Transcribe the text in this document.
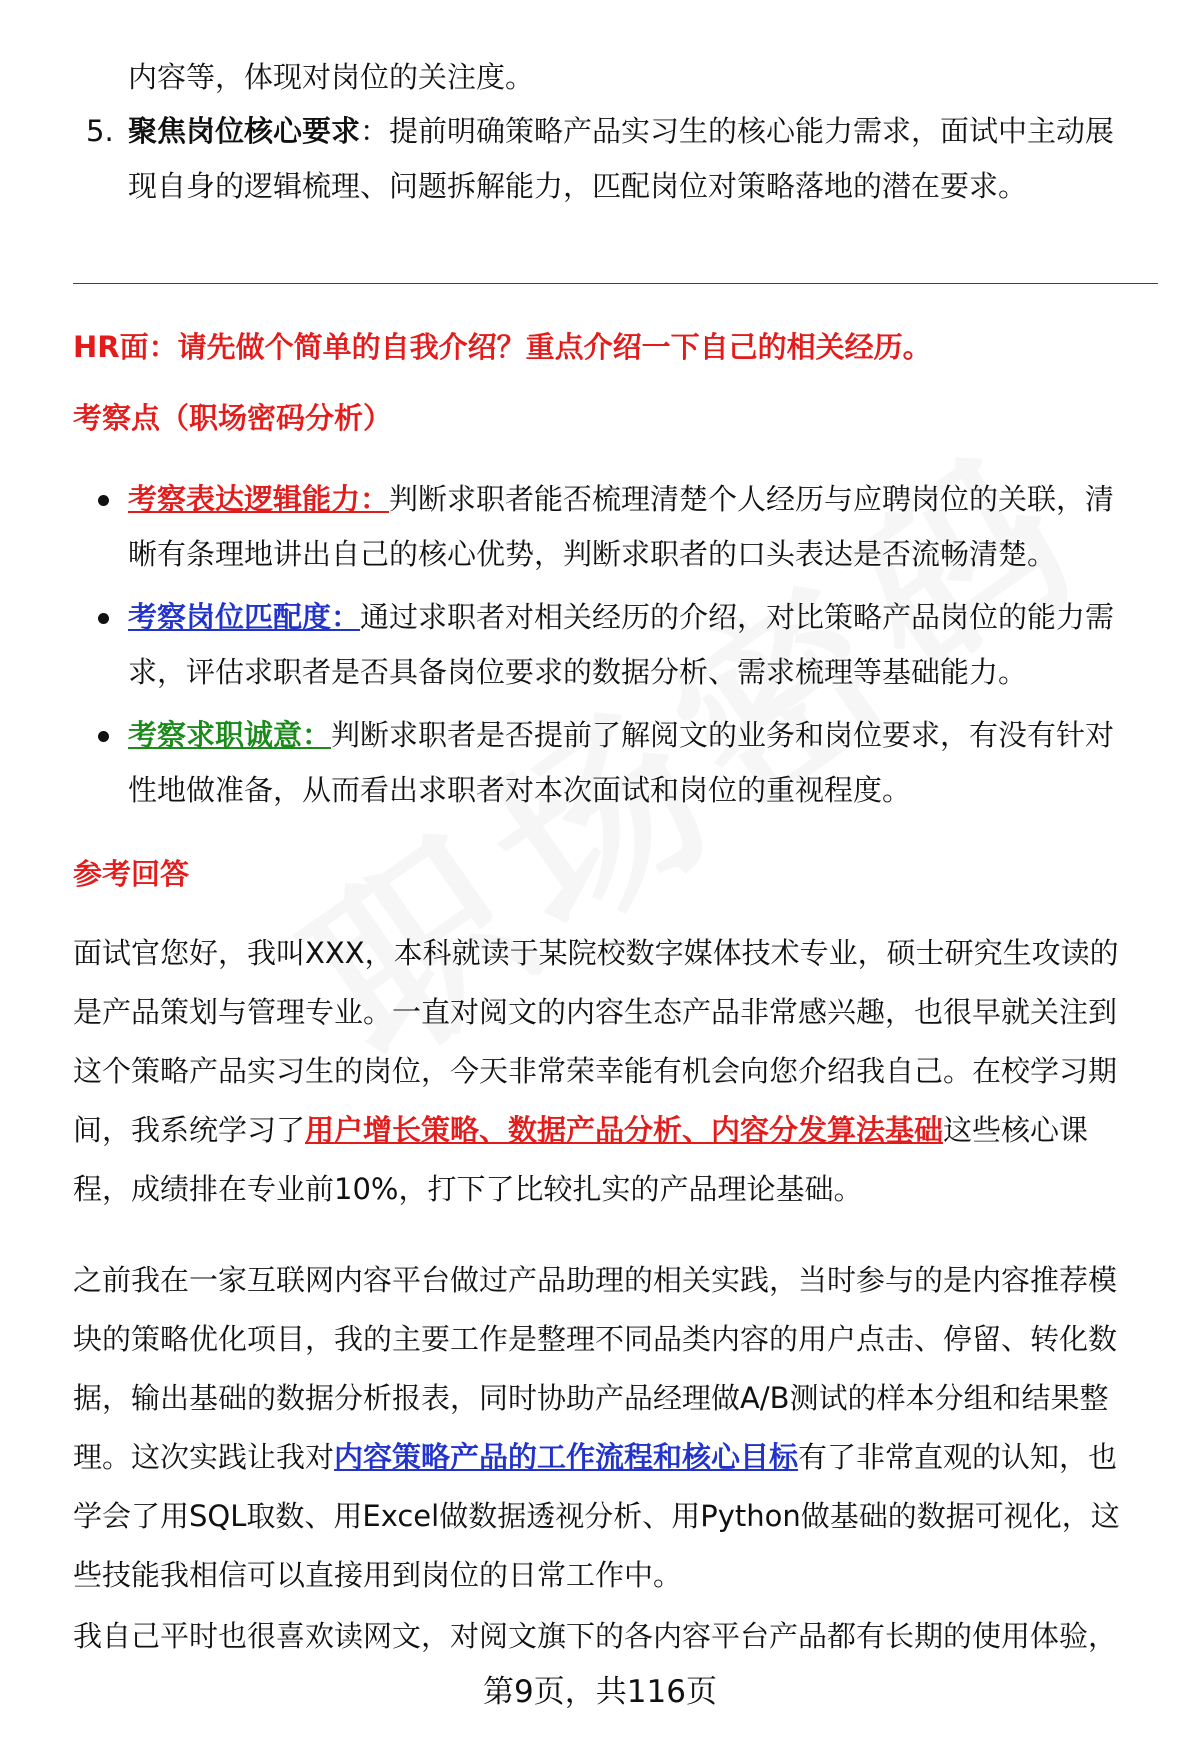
内容等，体现对岗位的关注度。
5. 聚焦岗位核心要求：提前明确策略产品实习生的核心能力需求，面试中主动展
现自身的逻辑梳理、问题拆解能力，匹配岗位对策略落地的潜在要求。
HR面：请先做个简单的自我介绍？重点介绍一下自己的相关经历。
考察点（职场密码分析）
考察表达逻辑能力：判断求职者能否梳理清楚个人经历与应聘岗位的关联，清
晰有条理地讲出自己的核心优势，判断求职者的口头表达是否流畅清楚。
考察岗位匹配度：通过求职者对相关经历的介绍，对比策略产品岗位的能力需
求，评估求职者是否具备岗位要求的数据分析、需求梳理等基础能力。
考察求职诚意：判断求职者是否提前了解阅文的业务和岗位要求，有没有针对
性地做准备，从而看出求职者对本次面试和岗位的重视程度。
参考回答
面试官您好，我叫XXX，本科就读于某院校数字媒体技术专业，硕士研究生攻读的
是产品策划与管理专业。一直对阅文的内容生态产品非常感兴趣，也很早就关注到
这个策略产品实习生的岗位，今天非常荣幸能有机会向您介绍我自己。在校学习期
间，我系统学习了用户增长策略、数据产品分析、内容分发算法基础这些核心课
程，成绩排在专业前10%，打下了比较扎实的产品理论基础。
之前我在一家互联网内容平台做过产品助理的相关实践，当时参与的是内容推荐模
块的策略优化项目，我的主要工作是整理不同品类内容的用户点击、停留、转化数
据，输出基础的数据分析报表，同时协助产品经理做A/B测试的样本分组和结果整
理。这次实践让我对内容策略产品的工作流程和核心目标有了非常直观的认知，也
学会了用SQL取数、用Excel做数据透视分析、用Python做基础的数据可视化，这
些技能我相信可以直接用到岗位的日常工作中。
我自己平时也很喜欢读网文，对阅文旗下的各内容平台产品都有长期的使用体验，
第9页，共116页
